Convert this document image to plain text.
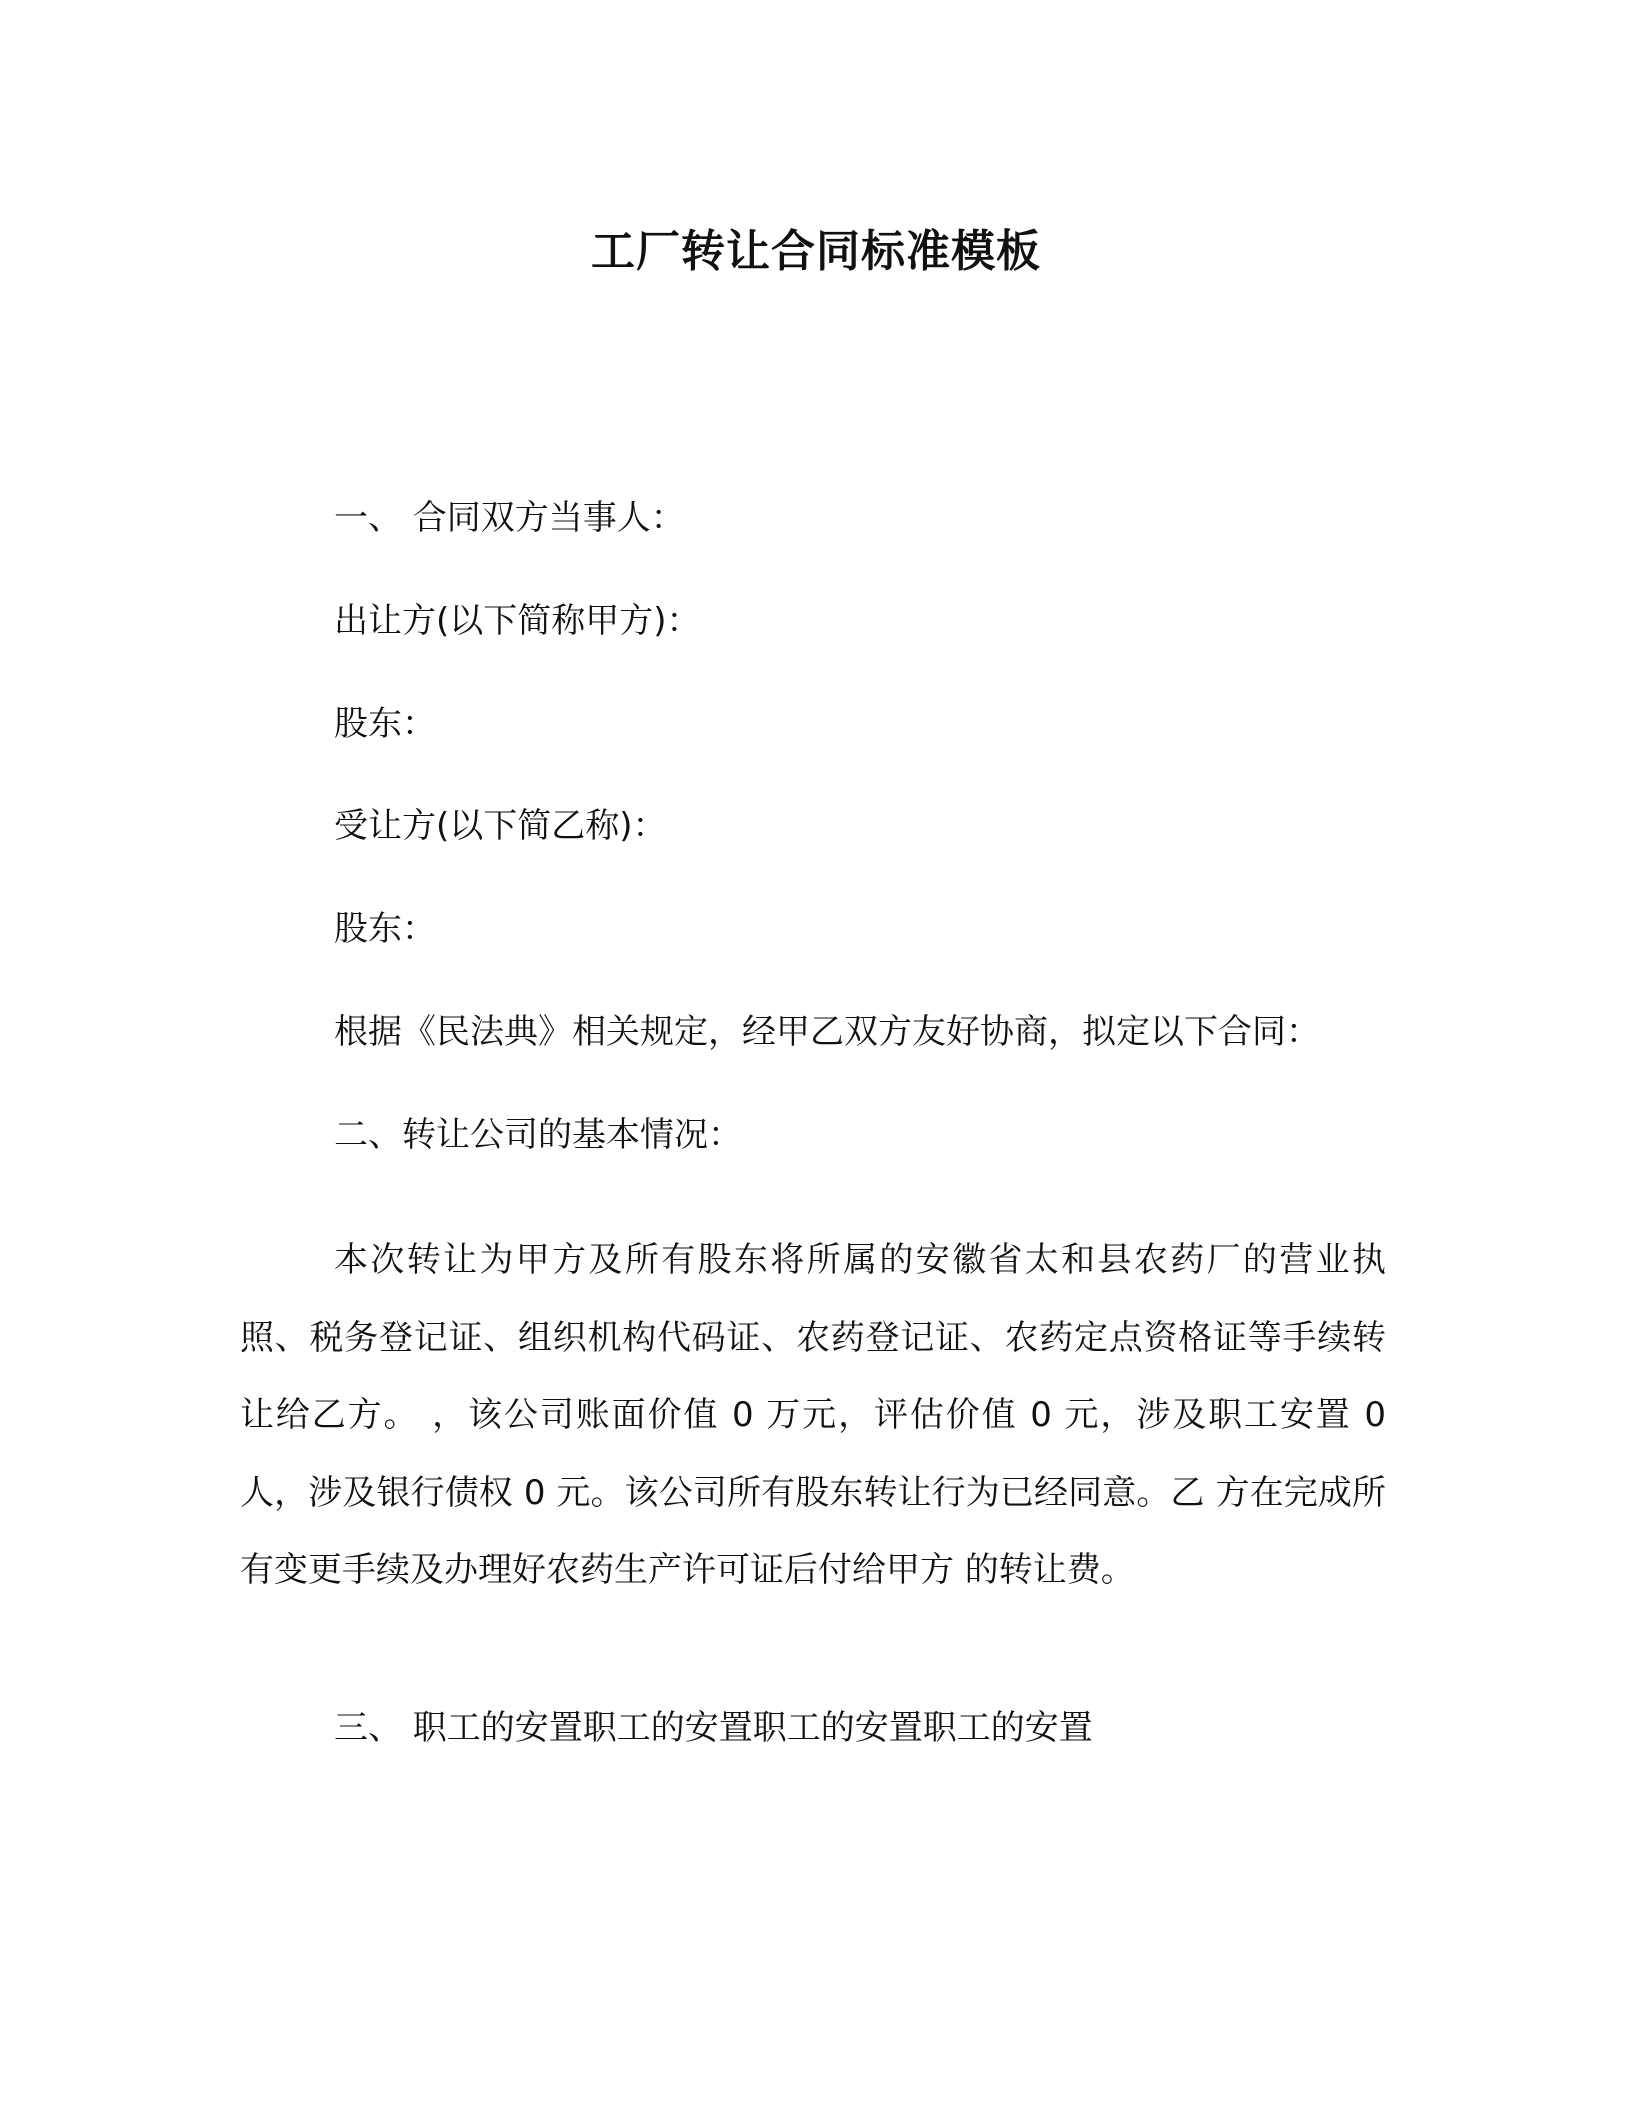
工厂转让合同标准模板
一、 合同双方当事人：
出让方(以下简称甲方)：
股东：
受让方(以下简乙称)：
股东：
根据《民法典》相关规定，经甲乙双方友好协商，拟定以下合同：
二、转让公司的基本情况：
本次转让为甲方及所有股东将所属的安徽省太和县农药厂的营业执照、税务登记证、组织机构代码证、农药登记证、农药定点资格证等手续转让给乙方。 ，该公司账面价值 0 万元，评估价值 0 元，涉及职工安置 0 人，涉及银行债权 0 元。该公司所有股东转让行为已经同意。乙 方在完成所有变更手续及办理好农药生产许可证后付给甲方 的转让费。
三、 职工的安置职工的安置职工的安置职工的安置
